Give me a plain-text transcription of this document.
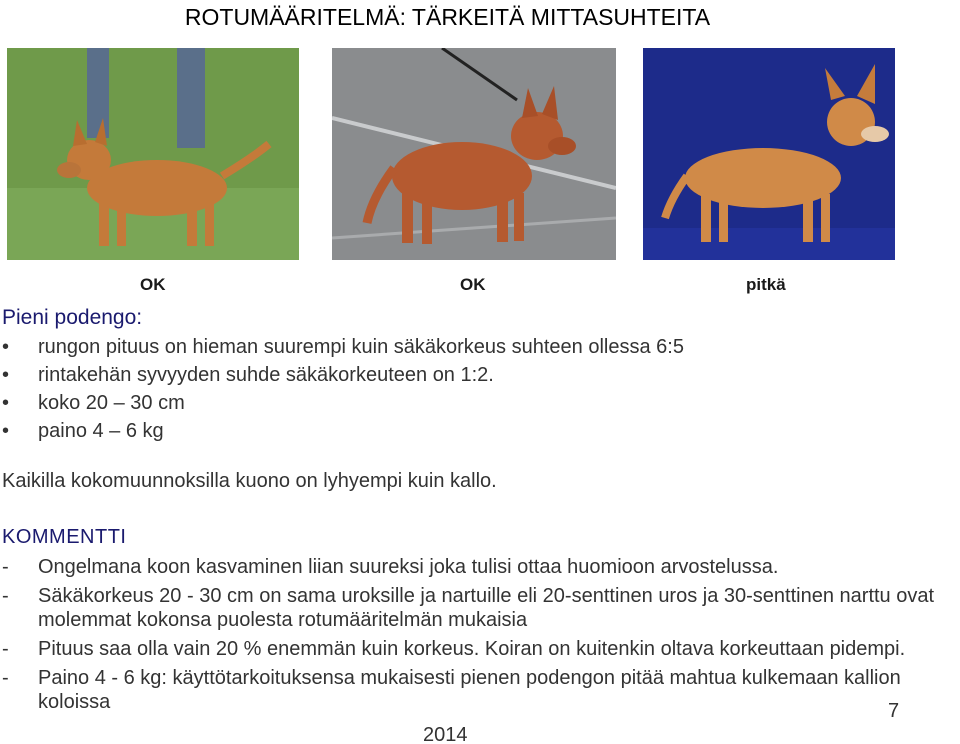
ROTUMÄÄRITELMÄ: TÄRKEITÄ MITTASUHTEITA
OK	OK	pitkä
Pieni podengo:
• rungon pituus on hieman suurempi kuin säkäkorkeus suhteen ollessa 6:5
• rintakehän syvyyden suhde säkäkorkeuteen on 1:2.
• koko 20 – 30 cm
• paino 4 – 6 kg
Kaikilla kokomuunnoksilla kuono on lyhyempi kuin kallo.
KOMMENTTI
- Ongelmana koon kasvaminen liian suureksi joka tulisi ottaa huomioon arvostelussa.
- Säkäkorkeus 20 - 30 cm on sama uroksille ja nartuille eli 20-senttinen uros ja 30-senttinen narttu ovat molemmat kokonsa puolesta rotumääritelmän mukaisia
- Pituus saa olla vain 20 % enemmän kuin korkeus. Koiran on kuitenkin oltava korkeuttaan pidempi.
- Paino 4 - 6 kg: käyttötarkoituksensa mukaisesti pienen podengon pitää mahtua kulkemaan kallion koloissa	7
2014
